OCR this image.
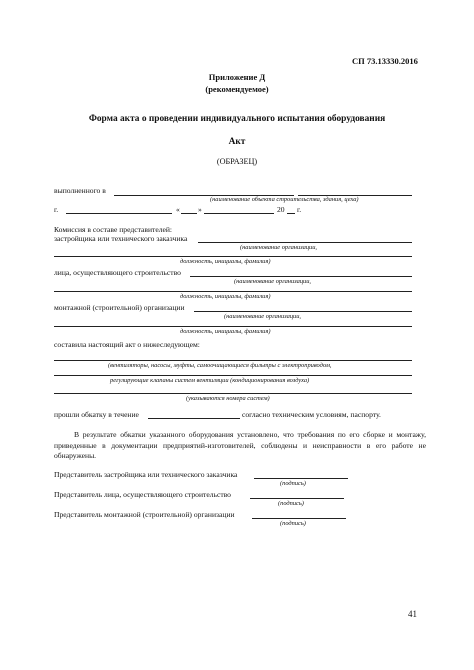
СП 73.13330.2016
Приложение Д
(рекомендуемое)
Форма акта о проведении индивидуального испытания оборудования
Акт
(ОБРАЗЕЦ)
выполненного в
(наименование объекта строительства, здания, цеха)
г.	« »	20 г.
Комиссия в составе представителей:
застройщика или технического заказчика
(наименование организации,
должность, инициалы, фамилия)
лица, осуществляющего строительство
(наименование организации,
должность, инициалы, фамилия)
монтажной (строительной) организации
(наименование организации,
должность, инициалы, фамилия)
составила настоящий акт о нижеследующем:
(вентиляторы, насосы, муфты, самоочищающиеся фильтры с электроприводом,
регулирующие клапаны систем вентиляции (кондиционирования воздуха)
(указываются номера систем)
прошли обкатку в течение	согласно техническим условиям, паспорту.
В результате обкатки указанного оборудования установлено, что требования по его сборке и монтажу, приведенные в документации предприятий-изготовителей, соблюдены и неисправности в его работе не обнаружены.
Представитель застройщика или технического заказчика
(подпись)
Представитель лица, осуществляющего строительство
(подпись)
Представитель монтажной (строительной) организации
(подпись)
41
